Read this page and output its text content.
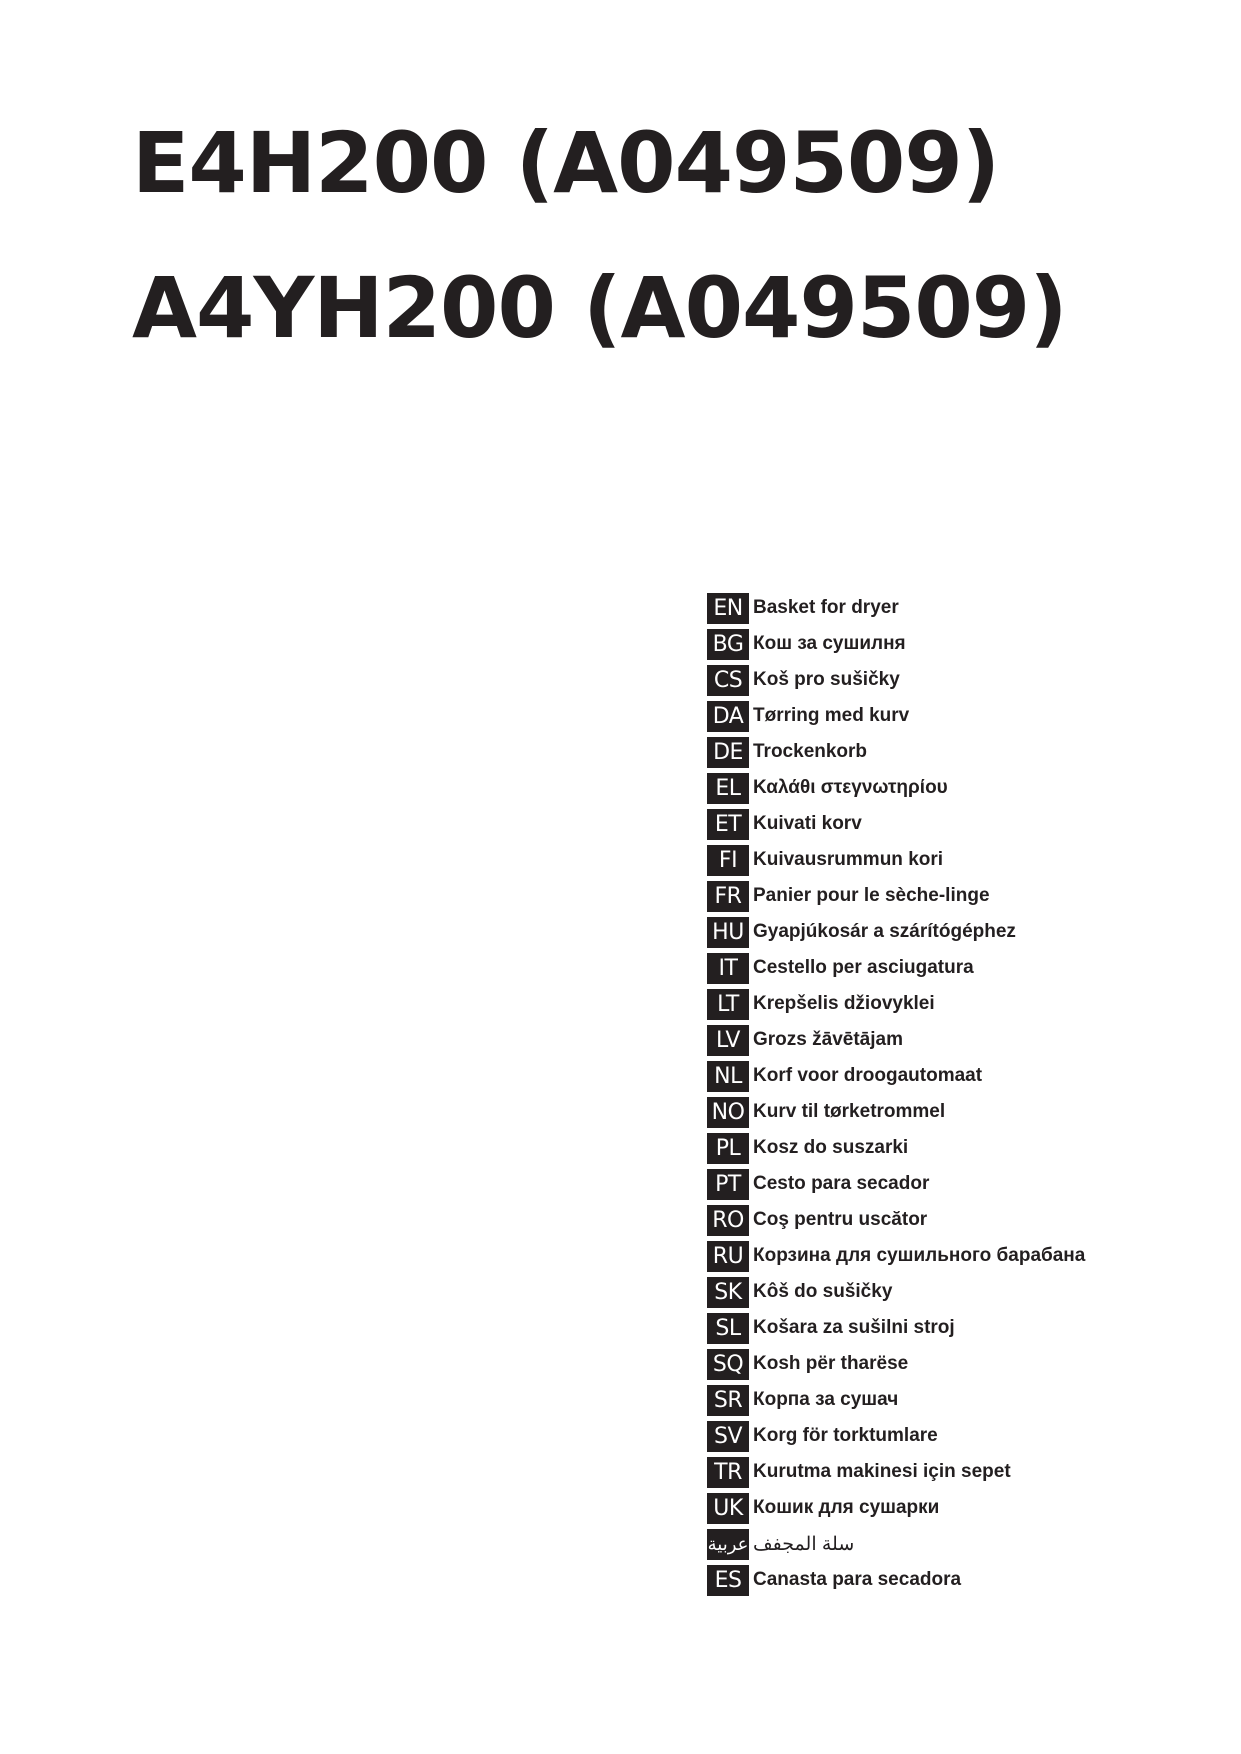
E4H200 (A049509)
A4YH200 (A049509)
EN Basket for dryer
BG Кош за сушилня
CS Koš pro sušičky
DA Tørring med kurv
DE Trockenkorb
EL Καλάθι στεγνωτηρίου
ET Kuivati korv
FI Kuivausrummun kori
FR Panier pour le sèche-linge
HU Gyapjúkosár a szárítógéphez
IT Cestello per asciugatura
LT Krepšelis džiovyklei
LV Grozs žāvētājam
NL Korf voor droogautomaat
NO Kurv til tørketrommel
PL Kosz do suszarki
PT Cesto para secador
RO Coş pentru uscător
RU Корзина для сушильного барабана
SK Kôš do sušičky
SL Košara za sušilni stroj
SQ Kosh për tharëse
SR Корпа за сушач
SV Korg för torktumlare
TR Kurutma makinesi için sepet
UK Кошик для сушарки
عربية سلة المجفف
ES Canasta para secadora
